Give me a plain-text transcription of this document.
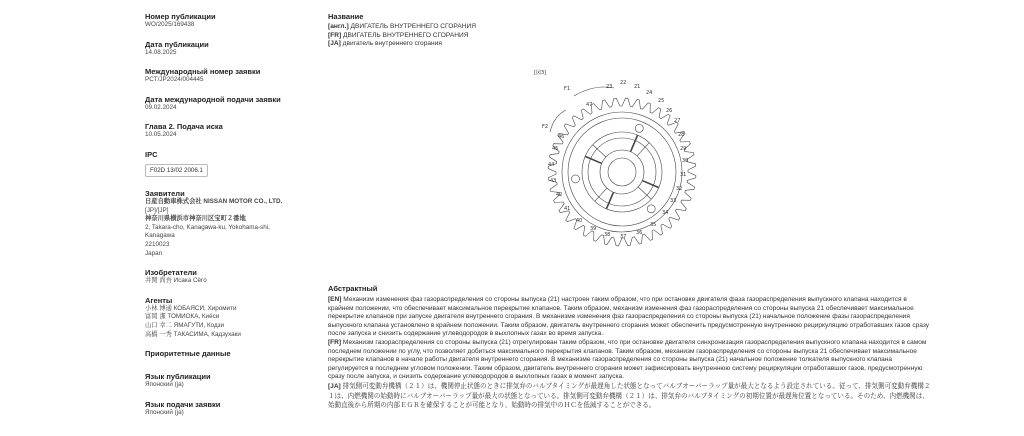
Номер публикации
WO/2025/169438
Дата публикации
14.08.2025
Международный номер заявки
PCT/JP2024/004445
Дата международной подачи заявки
09.02.2024
Глава 2. Подача иска
10.05.2024
IPC
F02D 13/02 2006.1
Заявители
日産自動車株式会社 NISSAN MOTOR CO., LTD.
[JP]/[JP]
神奈川県横浜市神奈川区宝町２番地
2, Takara-cho, Kanagawa-ku, Yokohama-shi,
Kanagawa
2210023
Japan
Изобретатели
井関 尚吾 Исака Сёго
Агенты
小林 博通 КОБАЯСИ, Хиромити
富岡 潔 ТОМИОКА, Киёси
山口 幸二 ЯМАГУТИ, Кодзи
高橋 一秀 ТАКАСИМА, Кадзухаки
Приоритетные данные
Язык публикации
Японский (ja)
Язык подачи заявки
Японский (ja)
Название
[англ.] ДВИГАТЕЛЬ ВНУТРЕННЕГО СГОРАНИЯ
[FR] ДВИГАТЕЛЬ ВНУТРЕННЕГО СГОРАНИЯ
[JA] двигатель внутреннего сгорания
[図3]
F1
F2
21
22
23
24
25
26
27
28
29
30
31
32
33
34
35
36
37
38
39
40
41
42
43
44
45
46
47
Абстрактный

[EN] Механизм изменения фаз газораспределения со стороны выпуска (21) настроен таким образом, что при остановке двигателя фаза газораспределения выпускного клапана находится в крайнем положении, что обеспечивает максимальное перекрытие клапанов. Таким образом, механизм изменения фаз газораспределения со стороны выпуска 21 обеспечивает максимальное перекрытие клапанов при запуске двигателя внутреннего сгорания. В механизме изменения фаз газораспределения со стороны выпуска (21) начальное положение фазы газораспределения выпускного клапана установлено в крайнем положении. Таким образом, двигатель внутреннего сгорания может обеспечить предусмотренную внутреннюю рециркуляцию отработавших газов сразу после запуска и снизить содержание углеводородов в выхлопных газах во время запуска.

[FR] Механизм газораспределения со стороны выпуска (21) отрегулирован таким образом, что при остановке двигателя синхронизация газораспределения выпускного клапана находится в самом последнем положении по углу, что позволяет добиться максимального перекрытия клапанов. Таким образом, механизм газораспределения со стороны выпуска 21 обеспечивает максимальное перекрытие клапанов в начале работы двигателя внутреннего сгорания. В механизме газораспределения со стороны выпуска (21) начальное положение толкателя выпускного клапана регулируется в последнем угловом положении. Таким образом, двигатель внутреннего сгорания может зафиксировать внутреннюю систему рециркуляции отработавших газов, предусмотренную сразу после запуска, и снизить содержание углеводородов в выхлопных газах в момент запуска.

[JA] 排気側可変動弁機構（２１）は、機関停止状態のときに排気弁のバルブタイミングが最遅角した状態となってバルブオーバーラップ量が最大となるよう設定されている。従って、排気側可変動弁機構２１は、内燃機関の始動時にバルブオーバーラップ量が最大の状態となっている。排気側可変動弁機構（２１）は、排気弁のバルブタイミングの初期位置が最遅角位置となっている。そのため、内燃機関は、始動直後から所期の内部ＥＧＲを確保することが可能となり、始動時の排気中のＨＣを低減することができる。
